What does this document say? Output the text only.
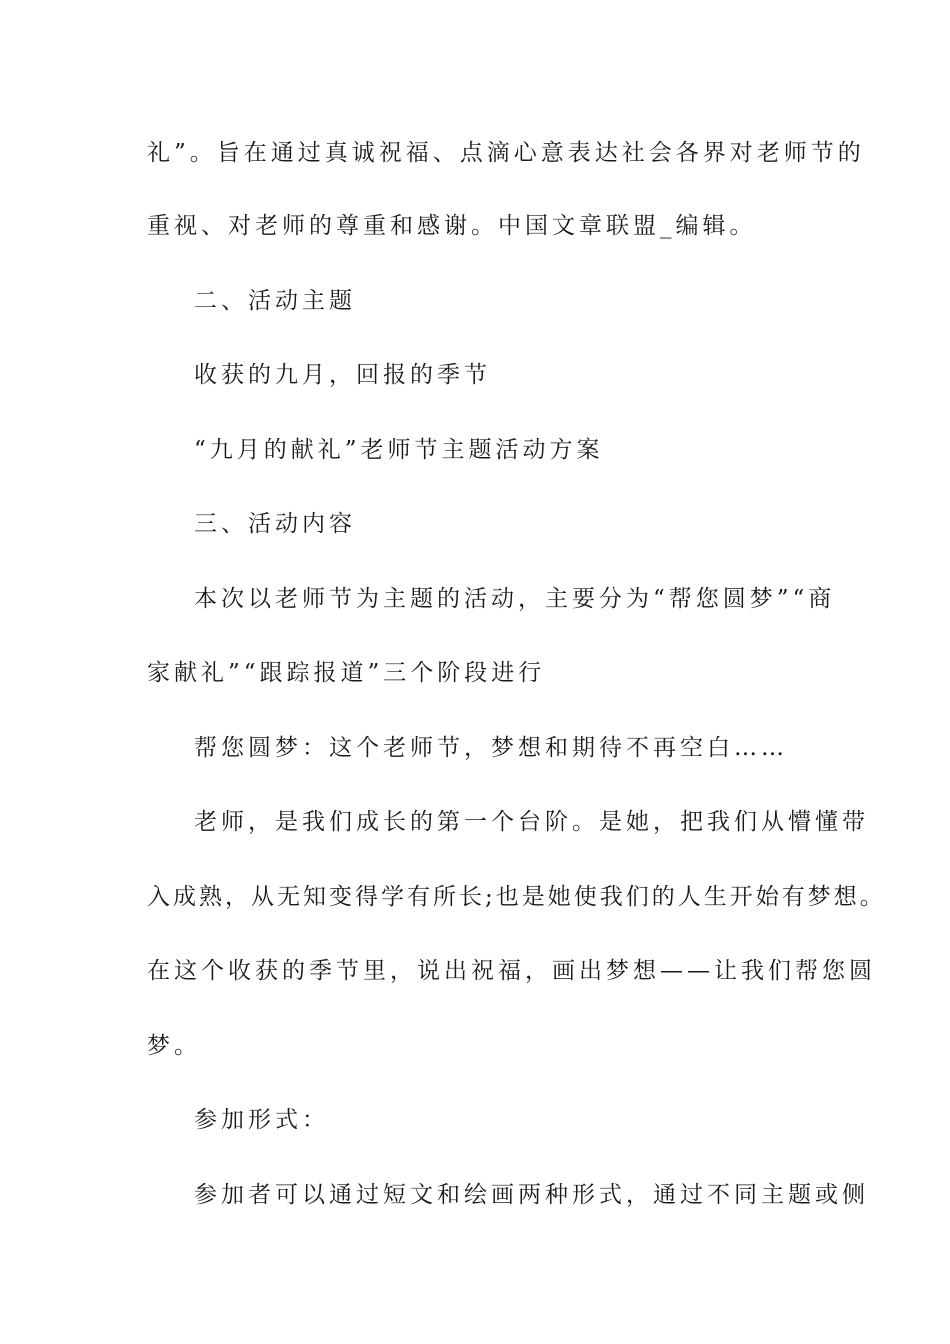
礼”。旨在通过真诚祝福、点滴心意表达社会各界对老师节的
重视、对老师的尊重和感谢。中国文章联盟_编辑。
二、活动主题
收获的九月，回报的季节
“九月的献礼”老师节主题活动方案
三、活动内容
本次以老师节为主题的活动，主要分为“帮您圆梦”“商
家献礼”“跟踪报道”三个阶段进行
帮您圆梦：这个老师节，梦想和期待不再空白……
老师，是我们成长的第一个台阶。是她，把我们从懵懂带
入成熟，从无知变得学有所长;也是她使我们的人生开始有梦想。
在这个收获的季节里，说出祝福，画出梦想——让我们帮您圆
梦。
参加形式：
参加者可以通过短文和绘画两种形式，通过不同主题或侧
